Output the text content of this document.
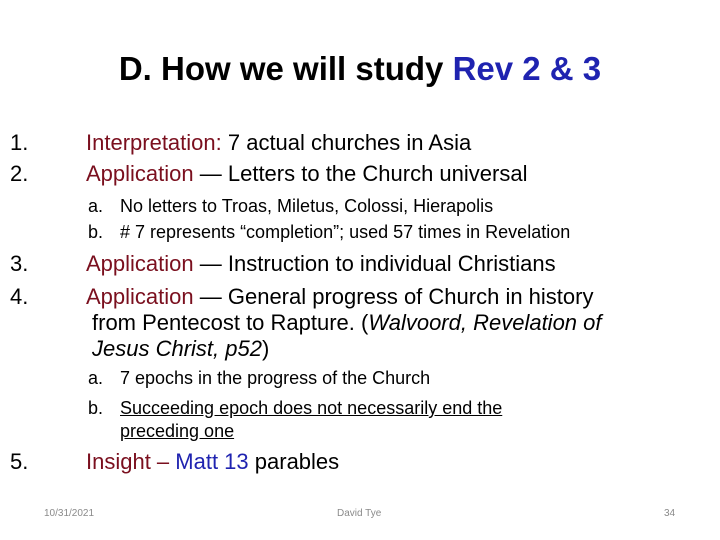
D. How we will study Rev 2 & 3
1.	Interpretation: 7 actual churches in Asia
2.	Application — Letters to the Church universal
a. No letters to Troas, Miletus, Colossi, Hierapolis
b. # 7 represents “completion”; used 57 times in Revelation
3.	Application — Instruction to individual Christians
4.	Application — General progress of Church in history
from Pentecost to Rapture. (Walvoord, Revelation of
Jesus Christ, p52)
a. 7 epochs in the progress of the Church
b. Succeeding epoch does not necessarily end the
preceding one
5.	Insight – Matt 13 parables
10/31/2021	David Tye	34
